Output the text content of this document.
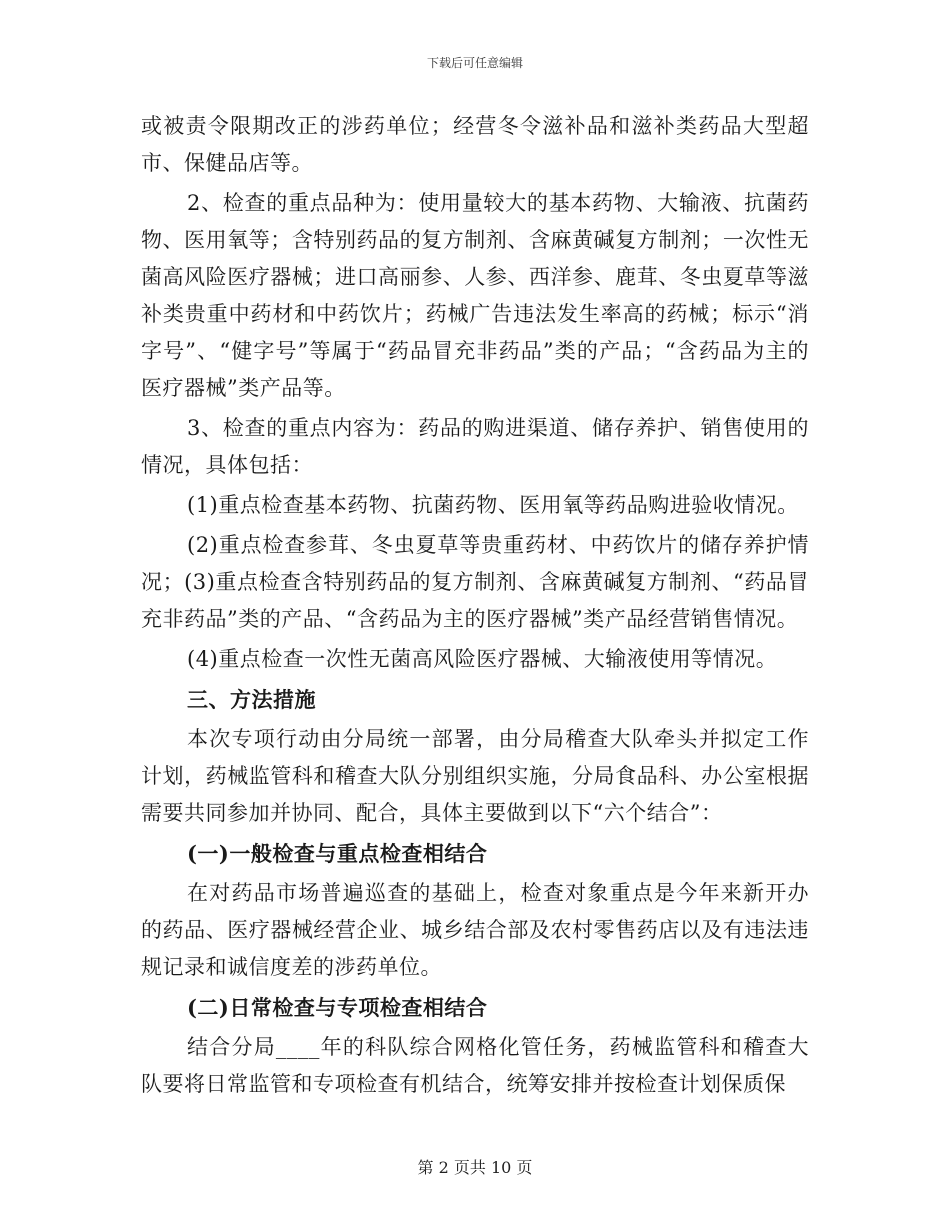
下载后可任意编辑

或被责令限期改正的涉药单位；经营冬令滋补品和滋补类药品大型超市、保健品店等。

2、检查的重点品种为：使用量较大的基本药物、大输液、抗菌药物、医用氧等；含特别药品的复方制剂、含麻黄碱复方制剂；一次性无菌高风险医疗器械；进口高丽参、人参、西洋参、鹿茸、冬虫夏草等滋补类贵重中药材和中药饮片；药械广告违法发生率高的药械；标示“消字号”、“健字号”等属于“药品冒充非药品”类的产品；“含药品为主的医疗器械”类产品等。

3、检查的重点内容为：药品的购进渠道、储存养护、销售使用的情况，具体包括：

(1)重点检查基本药物、抗菌药物、医用氧等药品购进验收情况。

(2)重点检查参茸、冬虫夏草等贵重药材、中药饮片的储存养护情况；(3)重点检查含特别药品的复方制剂、含麻黄碱复方制剂、“药品冒充非药品”类的产品、“含药品为主的医疗器械”类产品经营销售情况。

(4)重点检查一次性无菌高风险医疗器械、大输液使用等情况。

三、方法措施

本次专项行动由分局统一部署，由分局稽查大队牵头并拟定工作计划，药械监管科和稽查大队分别组织实施，分局食品科、办公室根据需要共同参加并协同、配合，具体主要做到以下“六个结合”：

(一)一般检查与重点检查相结合

在对药品市场普遍巡查的基础上，检查对象重点是今年来新开办的药品、医疗器械经营企业、城乡结合部及农村零售药店以及有违法违规记录和诚信度差的涉药单位。

(二)日常检查与专项检查相结合

结合分局____年的科队综合网格化管任务，药械监管科和稽查大队要将日常监管和专项检查有机结合，统筹安排并按检查计划保质保

第 2 页共 10 页
